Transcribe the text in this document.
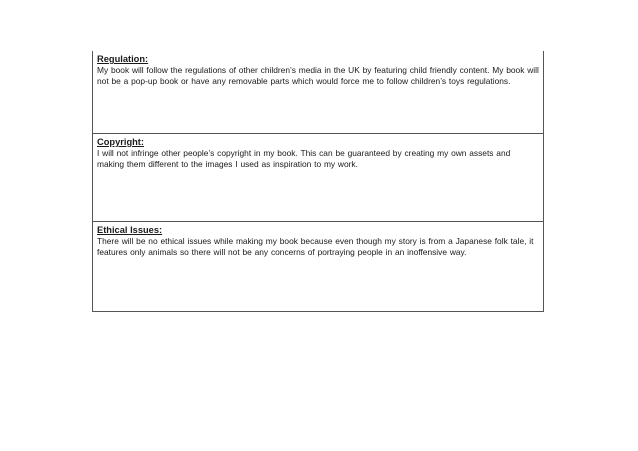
Regulation:

My book will follow the regulations of other children’s media in the UK by featuring child friendly content. My book will not be a pop-up book or have any removable parts which would force me to follow children’s toys regulations.

Copyright:

I will not infringe other people’s copyright in my book. This can be guaranteed by creating my own assets and making them different to the images I used as inspiration to my work.

Ethical Issues:

There will be no ethical issues while making my book because even though my story is from a Japanese folk tale, it features only animals so there will not be any concerns of portraying people in an inoffensive way.
